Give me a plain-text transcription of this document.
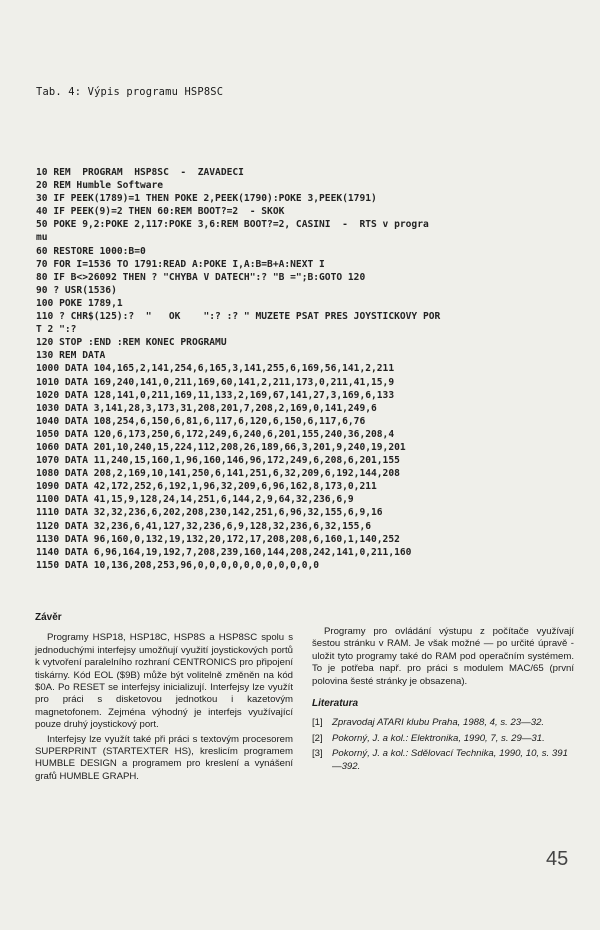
Tab. 4: Výpis programu HSP8SC
10 REM  PROGRAM  HSP8SC  -  ZAVADECI
20 REM Humble Software
30 IF PEEK(1789)=1 THEN POKE 2,PEEK(1790):POKE 3,PEEK(1791)
40 IF PEEK(9)=2 THEN 60:REM BOOT?=2  - SKOK
50 POKE 9,2:POKE 2,117:POKE 3,6:REM BOOT?=2, CASINI  -  RTS v progra
mu
60 RESTORE 1000:B=0
70 FOR I=1536 TO 1791:READ A:POKE I,A:B=B+A:NEXT I
80 IF B<>26092 THEN ? "CHYBA V DATECH":? "B =";B:GOTO 120
90 ? USR(1536)
100 POKE 1789,1
110 ? CHR$(125):?  "   OK    ":? :? " MUZETE PSAT PRES JOYSTICKOVY POR
T 2 ":?
120 STOP :END :REM KONEC PROGRAMU
130 REM DATA
1000 DATA 104,165,2,141,254,6,165,3,141,255,6,169,56,141,2,211
1010 DATA 169,240,141,0,211,169,60,141,2,211,173,0,211,41,15,9
1020 DATA 128,141,0,211,169,11,133,2,169,67,141,27,3,169,6,133
1030 DATA 3,141,28,3,173,31,208,201,7,208,2,169,0,141,249,6
1040 DATA 108,254,6,150,6,81,6,117,6,120,6,150,6,117,6,76
1050 DATA 120,6,173,250,6,172,249,6,240,6,201,155,240,36,208,4
1060 DATA 201,10,240,15,224,112,208,26,189,66,3,201,9,240,19,201
1070 DATA 11,240,15,160,1,96,160,146,96,172,249,6,208,6,201,155
1080 DATA 208,2,169,10,141,250,6,141,251,6,32,209,6,192,144,208
1090 DATA 42,172,252,6,192,1,96,32,209,6,96,162,8,173,0,211
1100 DATA 41,15,9,128,24,14,251,6,144,2,9,64,32,236,6,9
1110 DATA 32,32,236,6,202,208,230,142,251,6,96,32,155,6,9,16
1120 DATA 32,236,6,41,127,32,236,6,9,128,32,236,6,32,155,6
1130 DATA 96,160,0,132,19,132,20,172,17,208,208,6,160,1,140,252
1140 DATA 6,96,164,19,192,7,208,239,160,144,208,242,141,0,211,160
1150 DATA 10,136,208,253,96,0,0,0,0,0,0,0,0,0,0,0
Závěr

Programy HSP18, HSP18C, HSP8S a HSP8SC spolu s jednoduchými interfejsy umožňují využití joystickových portů k vytvoření paralelního rozhraní CENTRONICS pro připojení tiskárny. Kód EOL ($9B) může být volitelně změněn na kód $0A. Po RESET se interfejsy inicializují. Interfejsy lze využít pro práci s disketovou jednotkou i kazetovým magnetofonem. Zejména výhodný je interfejs využívající pouze druhý joystickový port.

Interfejsy lze využít také při práci s textovým procesorem SUPERPRINT (STARTEXTER HS), kreslicím programem HUMBLE DESIGN a programem pro kreslení a vynášení grafů HUMBLE GRAPH.

Programy pro ovládání výstupu z počítače využívají šestou stránku v RAM. Je však možné — po určité úpravě - uložit tyto programy také do RAM pod operačním systémem. To je potřeba např. pro práci s modulem MAC/65 (první polovina šesté stránky je obsazena).

Literatura
[1] Zpravodaj ATARI klubu Praha, 1988, 4, s. 23—32.
[2] Pokorný, J. a kol.: Elektronika, 1990, 7, s. 29—31.
[3] Pokorný, J. a kol.: Sdělovací Technika, 1990, 10, s. 391—392.
45
